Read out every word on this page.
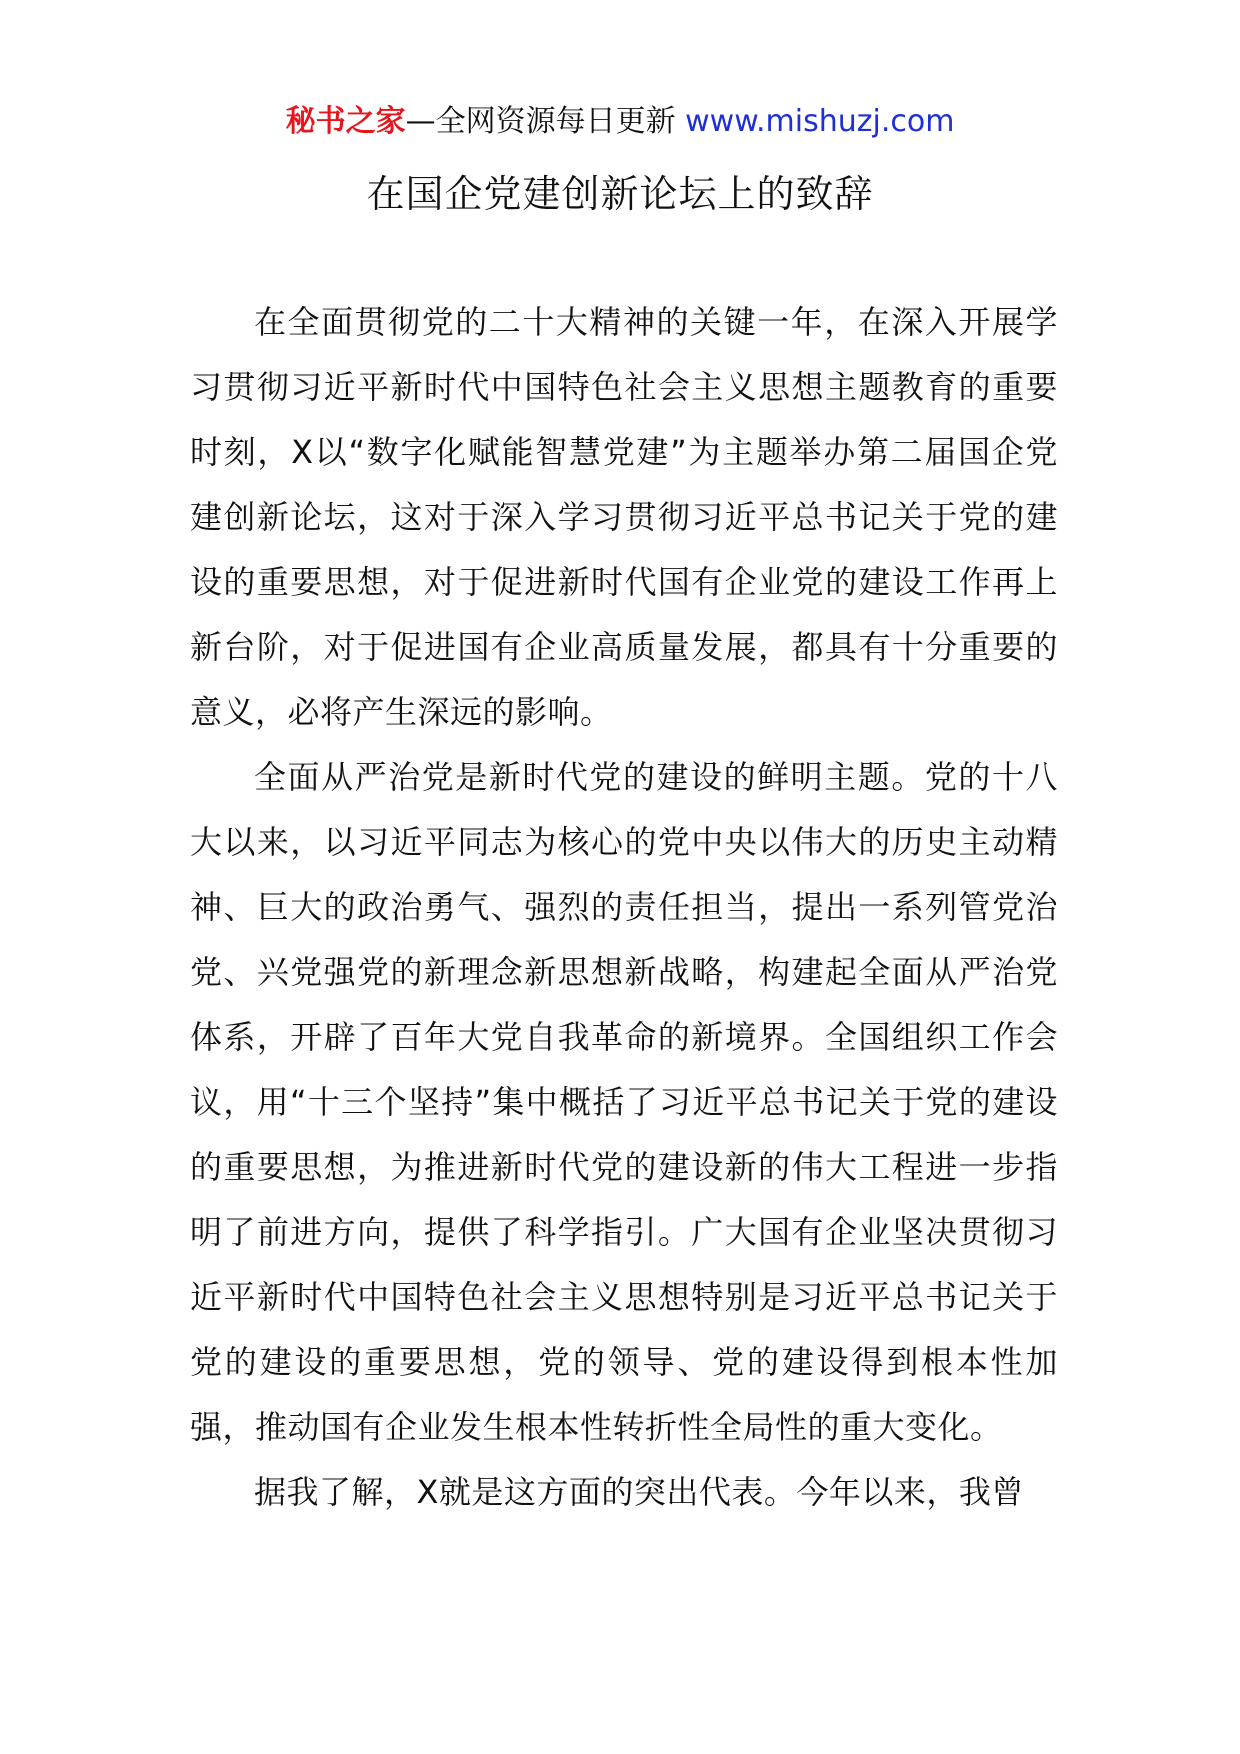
秘书之家—全网资源每日更新 www.mishuzj.com
在国企党建创新论坛上的致辞

在全面贯彻党的二十大精神的关键一年，在深入开展学习贯彻习近平新时代中国特色社会主义思想主题教育的重要时刻，X以“数字化赋能智慧党建”为主题举办第二届国企党建创新论坛，这对于深入学习贯彻习近平总书记关于党的建设的重要思想，对于促进新时代国有企业党的建设工作再上新台阶，对于促进国有企业高质量发展，都具有十分重要的意义，必将产生深远的影响。

全面从严治党是新时代党的建设的鲜明主题。党的十八大以来，以习近平同志为核心的党中央以伟大的历史主动精神、巨大的政治勇气、强烈的责任担当，提出一系列管党治党、兴党强党的新理念新思想新战略，构建起全面从严治党体系，开辟了百年大党自我革命的新境界。全国组织工作会议，用“十三个坚持”集中概括了习近平总书记关于党的建设的重要思想，为推进新时代党的建设新的伟大工程进一步指明了前进方向，提供了科学指引。广大国有企业坚决贯彻习近平新时代中国特色社会主义思想特别是习近平总书记关于党的建设的重要思想，党的领导、党的建设得到根本性加强，推动国有企业发生根本性转折性全局性的重大变化。

据我了解，X就是这方面的突出代表。今年以来，我曾
